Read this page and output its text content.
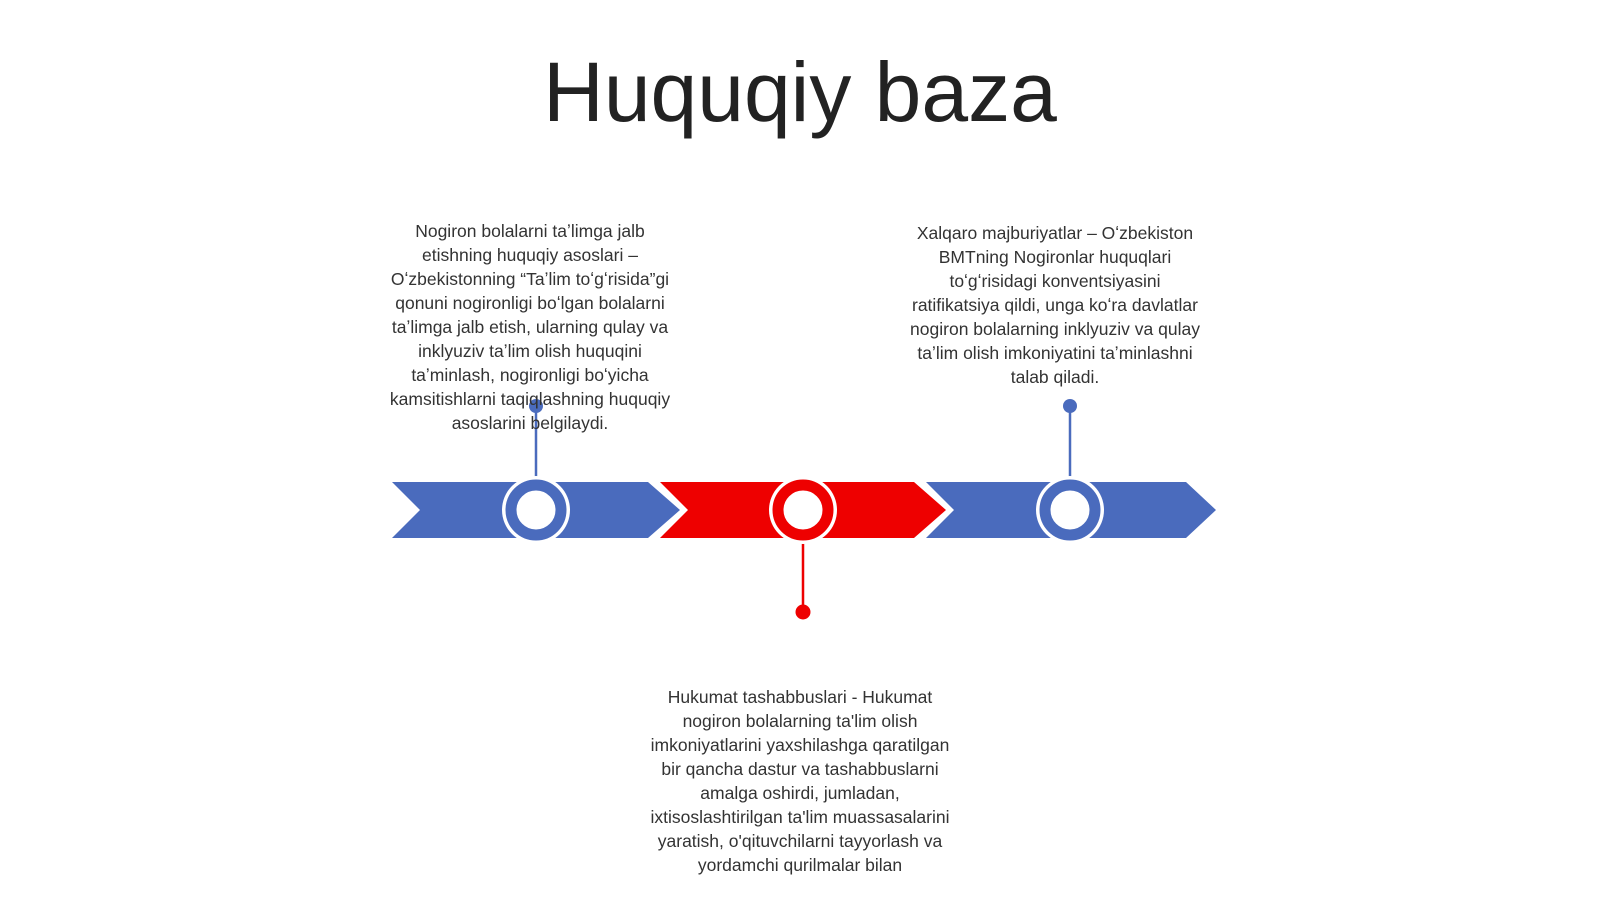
Huquqiy baza
Nogiron bolalarni taʼlimga jalb etishning huquqiy asoslari – Oʻzbekistonning “Taʼlim toʻgʻrisida”gi qonuni nogironligi boʻlgan bolalarni taʼlimga jalb etish, ularning qulay va inklyuziv taʼlim olish huquqini taʼminlash, nogironligi boʻyicha kamsitishlarni taqiqlashning huquqiy asoslarini belgilaydi.
Xalqaro majburiyatlar – Oʻzbekiston BMTning Nogironlar huquqlari toʻgʻrisidagi konventsiyasini ratifikatsiya qildi, unga koʻra davlatlar nogiron bolalarning inklyuziv va qulay taʼlim olish imkoniyatini taʼminlashni talab qiladi.
Hukumat tashabbuslari - Hukumat nogiron bolalarning ta'lim olish imkoniyatlarini yaxshilashga qaratilgan bir qancha dastur va tashabbuslarni amalga oshirdi, jumladan, ixtisoslashtirilgan ta'lim muassasalarini yaratish, o'qituvchilarni tayyorlash va yordamchi qurilmalar bilan
